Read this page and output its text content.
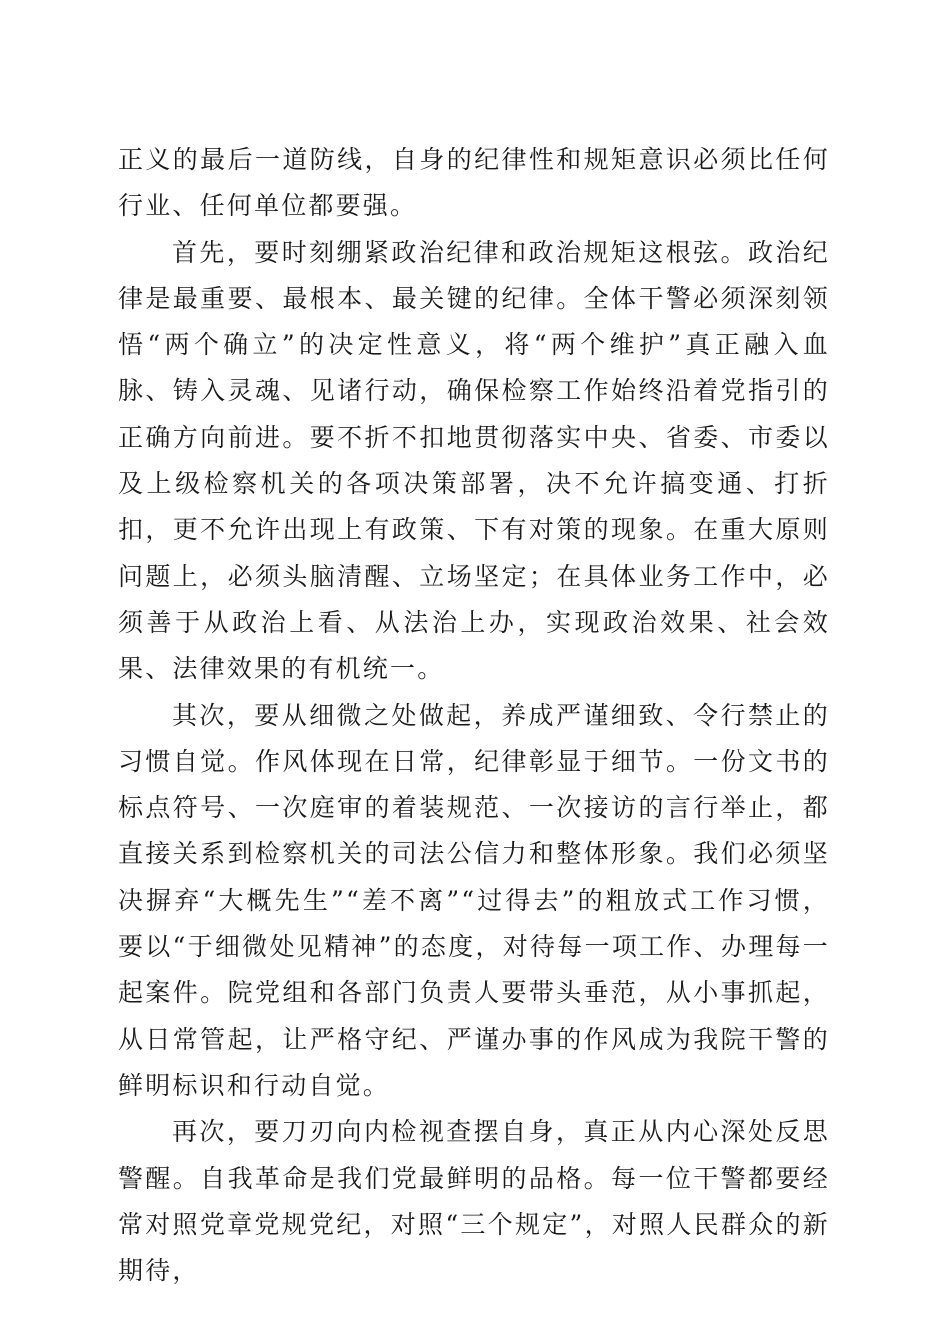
正义的最后一道防线，自身的纪律性和规矩意识必须比任何行业、任何单位都要强。

首先，要时刻绷紧政治纪律和政治规矩这根弦。政治纪律是最重要、最根本、最关键的纪律。全体干警必须深刻领悟“两个确立”的决定性意义，将“两个维护”真正融入血脉、铸入灵魂、见诸行动，确保检察工作始终沿着党指引的正确方向前进。要不折不扣地贯彻落实中央、省委、市委以及上级检察机关的各项决策部署，决不允许搞变通、打折扣，更不允许出现上有政策、下有对策的现象。在重大原则问题上，必须头脑清醒、立场坚定；在具体业务工作中，必须善于从政治上看、从法治上办，实现政治效果、社会效果、法律效果的有机统一。

其次，要从细微之处做起，养成严谨细致、令行禁止的习惯自觉。作风体现在日常，纪律彰显于细节。一份文书的标点符号、一次庭审的着装规范、一次接访的言行举止，都直接关系到检察机关的司法公信力和整体形象。我们必须坚决摒弃“大概先生”“差不离”“过得去”的粗放式工作习惯，要以“于细微处见精神”的态度，对待每一项工作、办理每一起案件。院党组和各部门负责人要带头垂范，从小事抓起，从日常管起，让严格守纪、严谨办事的作风成为我院干警的鲜明标识和行动自觉。

再次，要刀刃向内检视查摆自身，真正从内心深处反思警醒。自我革命是我们党最鲜明的品格。每一位干警都要经常对照党章党规党纪，对照“三个规定”，对照人民群众的新期待，
